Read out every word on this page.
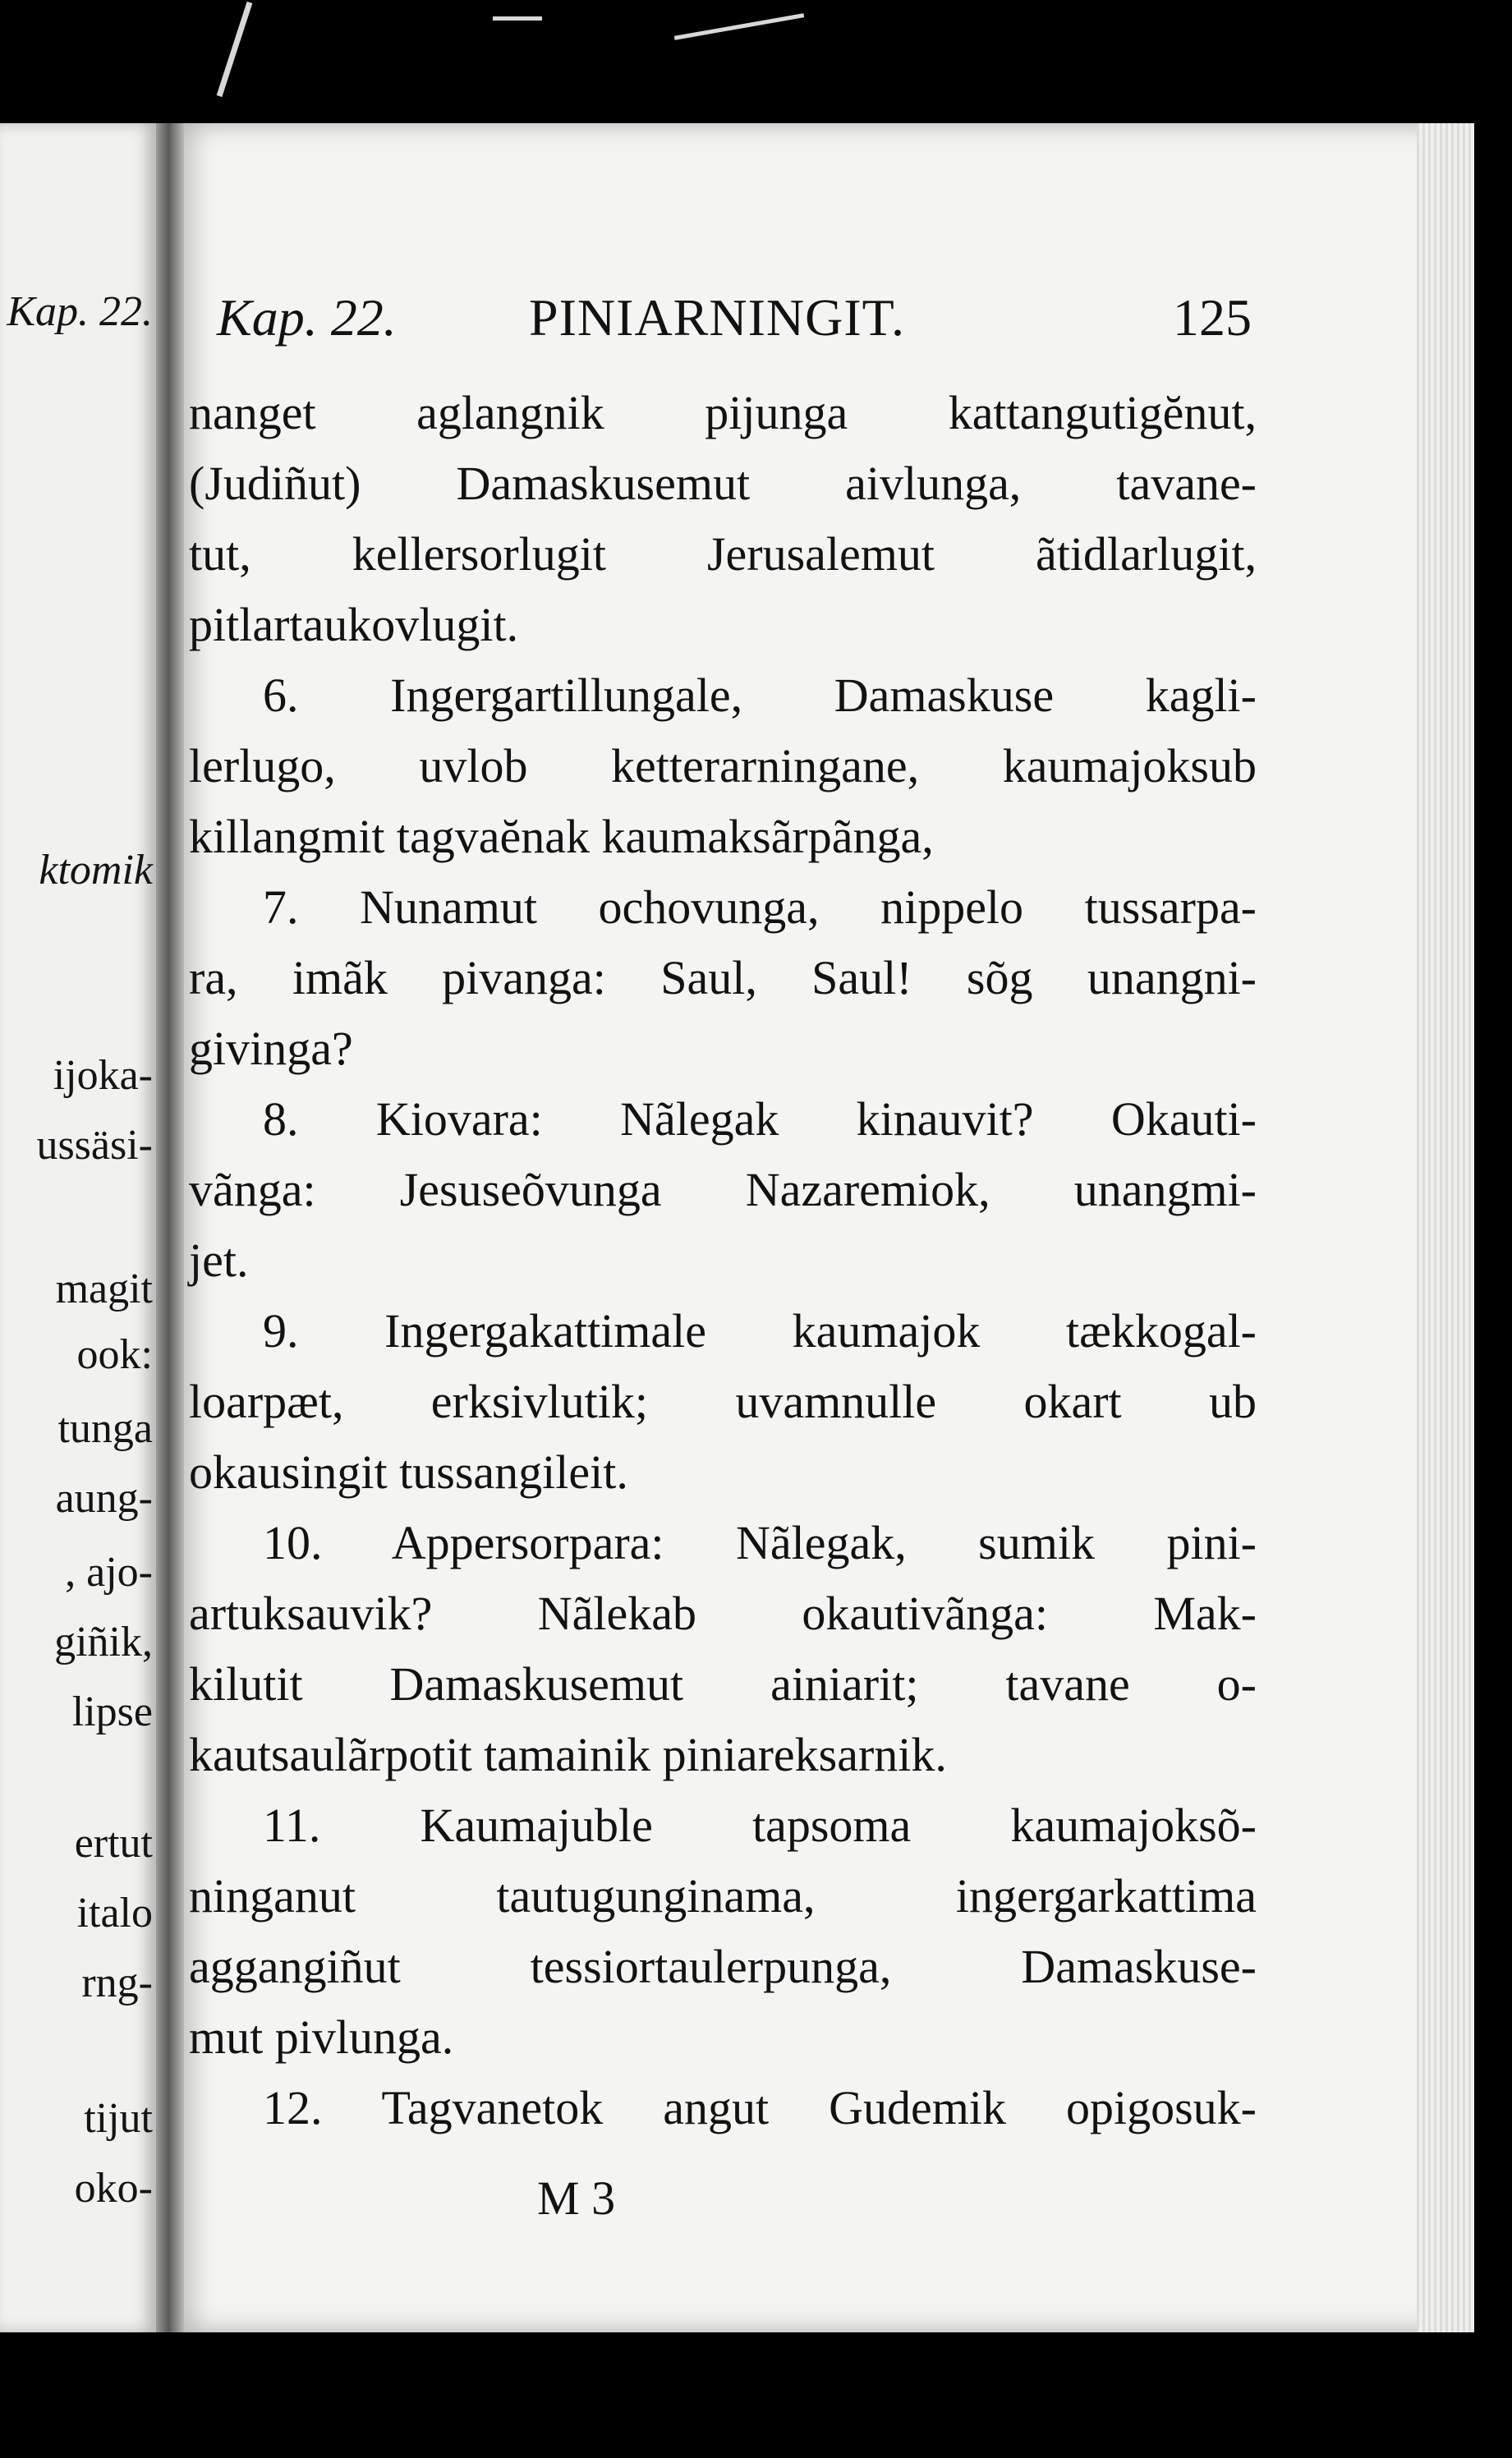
Kap. 22.
ktomik
ijoka-
ussäsi-
magit
ook:
tunga
aung-
, ajo-
giñik,
lipse
ertut
italo
rng-
tijut
oko-
Kap. 22.	PINIARNINGIT.	125
nanget aglangnik pijunga kattangutigĕnut,
(Judiñut) Damaskusemut aivlunga, tavane-
tut, kellersorlugit Jerusalemut ãtidlarlugit,
pitlartaukovlugit.
6. Ingergartillungale, Damaskuse kagli-
lerlugo, uvlob ketterarningane, kaumajoksub
killangmit tagvaĕnak kaumaksãrpãnga,
7. Nunamut ochovunga, nippelo tussarpa-
ra, imãk pivanga: Saul, Saul! sõg unangni-
givinga?
8. Kiovara: Nãlegak kinauvit? Okauti-
vãnga: Jesuseõvunga Nazaremiok, unangmi-
jet.
9. Ingergakattimale kaumajok tækkogal-
loarpæt, erksivlutik; uvamnulle okart ub
okausingit tussangileit.
10. Appersorpara: Nãlegak, sumik pini-
artuksauvik? Nãlekab okautivãnga: Mak-
kilutit Damaskusemut ainiarit; tavane o-
kautsaulãrpotit tamainik piniareksarnik.
11. Kaumajuble tapsoma kaumajoksõ-
ninganut tautugunginama, ingergarkattima
aggangiñut tessiortaulerpunga, Damaskuse-
mut pivlunga.
12. Tagvanetok angut Gudemik opigosuk-
M 3
